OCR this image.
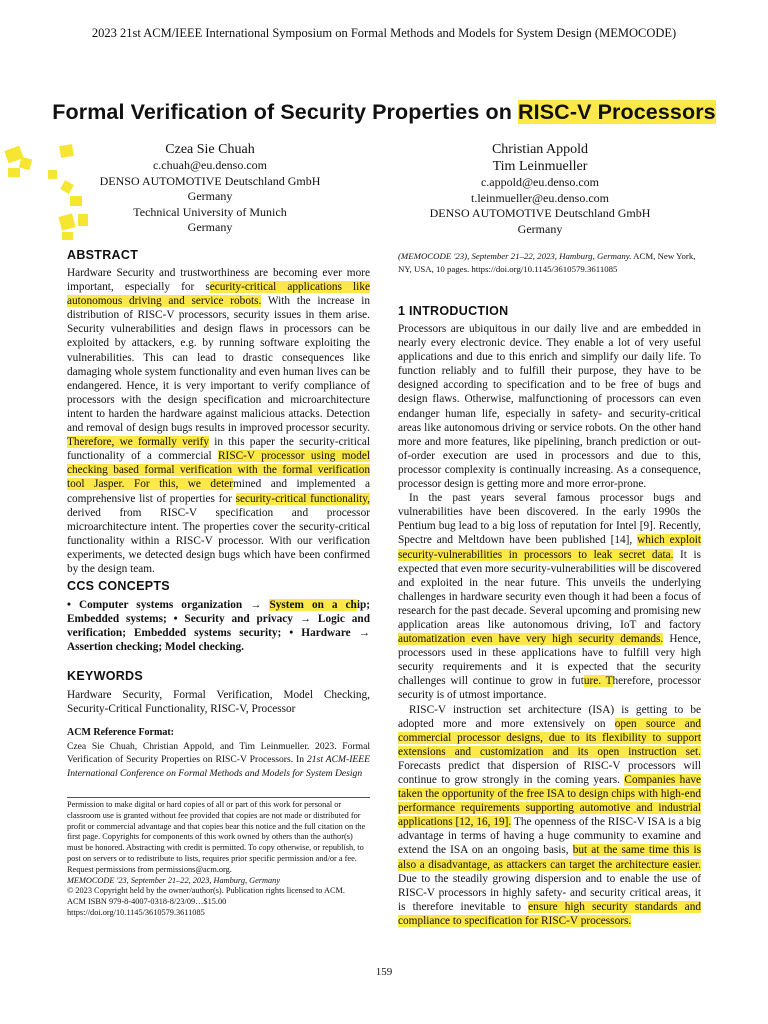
2023 21st ACM/IEEE International Symposium on Formal Methods and Models for System Design (MEMOCODE)
Formal Verification of Security Properties on RISC-V Processors
Czea Sie Chuah
c.chuah@eu.denso.com
DENSO AUTOMOTIVE Deutschland GmbH
Germany
Technical University of Munich
Germany
Christian Appold
Tim Leinmueller
c.appold@eu.denso.com
t.leinmueller@eu.denso.com
DENSO AUTOMOTIVE Deutschland GmbH
Germany
ABSTRACT
Hardware Security and trustworthiness are becoming ever more important, especially for security-critical applications like autonomous driving and service robots. With the increase in distribution of RISC-V processors, security issues in them arise. Security vulnerabilities and design flaws in processors can be exploited by attackers, e.g. by running software exploiting the vulnerabilities. This can lead to drastic consequences like damaging whole system functionality and even human lives can be endangered. Hence, it is very important to verify compliance of processors with the design specification and microarchitecture intent to harden the hardware against malicious attacks. Detection and removal of design bugs results in improved processor security. Therefore, we formally verify in this paper the security-critical functionality of a commercial RISC-V processor using model checking based formal verification with the formal verification tool Jasper. For this, we determined and implemented a comprehensive list of properties for security-critical functionality, derived from RISC-V specification and processor microarchitecture intent. The properties cover the security-critical functionality within a RISC-V processor. With our verification experiments, we detected design bugs which have been confirmed by the design team.
CCS CONCEPTS
• Computer systems organization → System on a chip; Embedded systems; • Security and privacy → Logic and verification; Embedded systems security; • Hardware → Assertion checking; Model checking.
KEYWORDS
Hardware Security, Formal Verification, Model Checking, Security-Critical Functionality, RISC-V, Processor
ACM Reference Format:
Czea Sie Chuah, Christian Appold, and Tim Leinmueller. 2023. Formal Verification of Security Properties on RISC-V Processors. In 21st ACM-IEEE International Conference on Formal Methods and Models for System Design
Permission to make digital or hard copies of all or part of this work for personal or classroom use is granted without fee provided that copies are not made or distributed for profit or commercial advantage and that copies bear this notice and the full citation on the first page. Copyrights for components of this work owned by others than the author(s) must be honored. Abstracting with credit is permitted. To copy otherwise, or republish, to post on servers or to redistribute to lists, requires prior specific permission and/or a fee. Request permissions from permissions@acm.org.
MEMOCODE '23, September 21–22, 2023, Hamburg, Germany
© 2023 Copyright held by the owner/author(s). Publication rights licensed to ACM.
ACM ISBN 979-8-4007-0318-8/23/09…$15.00
https://doi.org/10.1145/3610579.3611085
(MEMOCODE '23), September 21–22, 2023, Hamburg, Germany. ACM, New York, NY, USA, 10 pages. https://doi.org/10.1145/3610579.3611085
1 INTRODUCTION

Processors are ubiquitous in our daily live and are embedded in nearly every electronic device. They enable a lot of very useful applications and due to this enrich and simplify our daily life. To function reliably and to fulfill their purpose, they have to be designed according to specification and to be free of bugs and design flaws. Otherwise, malfunctioning of processors can even endanger human life, especially in safety- and security-critical areas like autonomous driving or service robots. On the other hand more and more features, like pipelining, branch prediction or out-of-order execution are used in processors and due to this, processor complexity is continually increasing. As a consequence, processor design is getting more and more error-prone.

In the past years several famous processor bugs and vulnerabilities have been discovered. In the early 1990s the Pentium bug lead to a big loss of reputation for Intel [9]. Recently, Spectre and Meltdown have been published [14], which exploit security-vulnerabilities in processors to leak secret data. It is expected that even more security-vulnerabilities will be discovered and exploited in the near future. This unveils the underlying challenges in hardware security even though it had been a focus of research for the past decade. Several upcoming and promising new application areas like autonomous driving, IoT and factory automatization even have very high security demands. Hence, processors used in these applications have to fulfill very high security requirements and it is expected that the security challenges will continue to grow in future. Therefore, processor security is of utmost importance.

RISC-V instruction set architecture (ISA) is getting to be adopted more and more extensively on open source and commercial processor designs, due to its flexibility to support extensions and customization and its open instruction set. Forecasts predict that dispersion of RISC-V processors will continue to grow strongly in the coming years. Companies have taken the opportunity of the free ISA to design chips with high-end performance requirements supporting automotive and industrial applications [12, 16, 19]. The openness of the RISC-V ISA is a big advantage in terms of having a huge community to examine and extend the ISA on an ongoing basis, but at the same time this is also a disadvantage, as attackers can target the architecture easier. Due to the steadily growing dispersion and to enable the use of RISC-V processors in highly safety- and security critical areas, it is therefore inevitable to ensure high security standards and compliance to specification for RISC-V processors.

159
